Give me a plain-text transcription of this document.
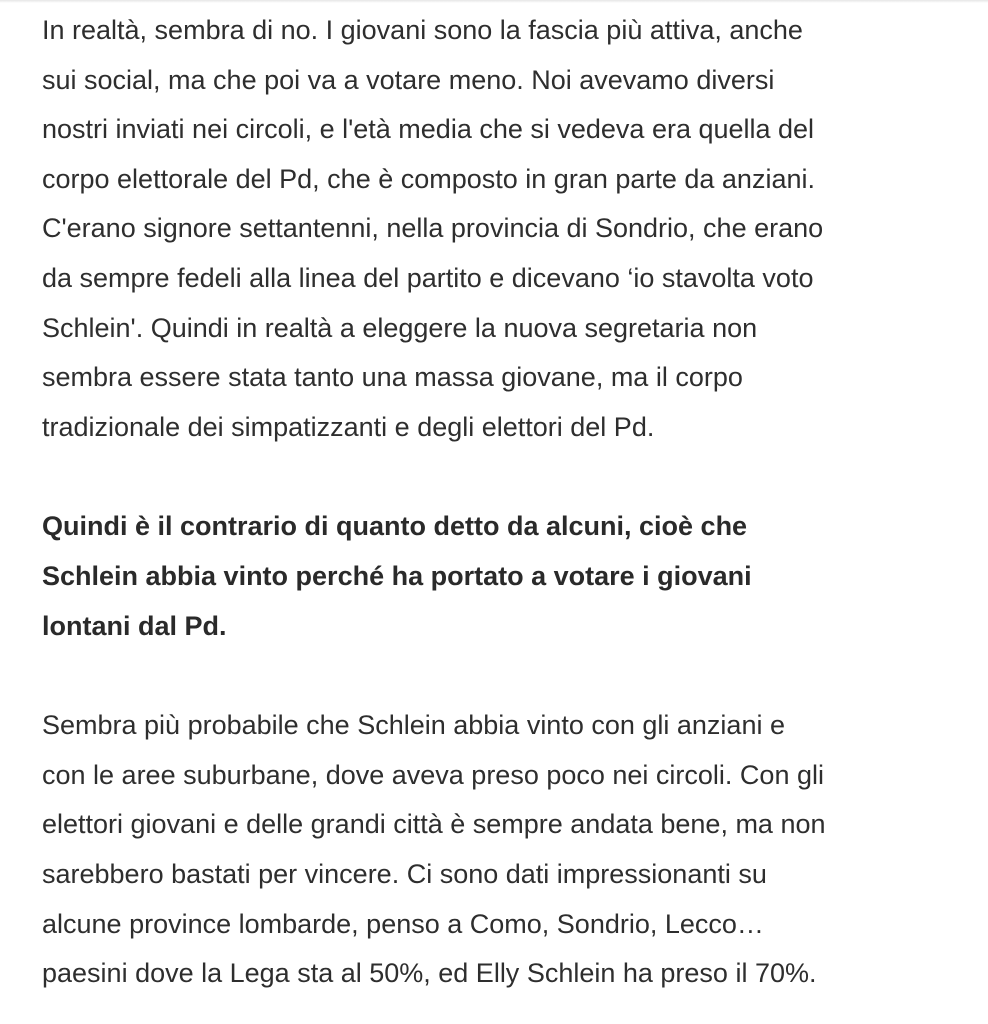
In realtà, sembra di no. I giovani sono la fascia più attiva, anche

sui social, ma che poi va a votare meno. Noi avevamo diversi

nostri inviati nei circoli, e l'età media che si vedeva era quella del

corpo elettorale del Pd, che è composto in gran parte da anziani.

C'erano signore settantenni, nella provincia di Sondrio, che erano

da sempre fedeli alla linea del partito e dicevano ‘io stavolta voto

Schlein'. Quindi in realtà a eleggere la nuova segretaria non

sembra essere stata tanto una massa giovane, ma il corpo

tradizionale dei simpatizzanti e degli elettori del Pd.

Quindi è il contrario di quanto detto da alcuni, cioè che

Schlein abbia vinto perché ha portato a votare i giovani

lontani dal Pd.

Sembra più probabile che Schlein abbia vinto con gli anziani e

con le aree suburbane, dove aveva preso poco nei circoli. Con gli

elettori giovani e delle grandi città è sempre andata bene, ma non

sarebbero bastati per vincere. Ci sono dati impressionanti su

alcune province lombarde, penso a Como, Sondrio, Lecco…

paesini dove la Lega sta al 50%, ed Elly Schlein ha preso il 70%.
